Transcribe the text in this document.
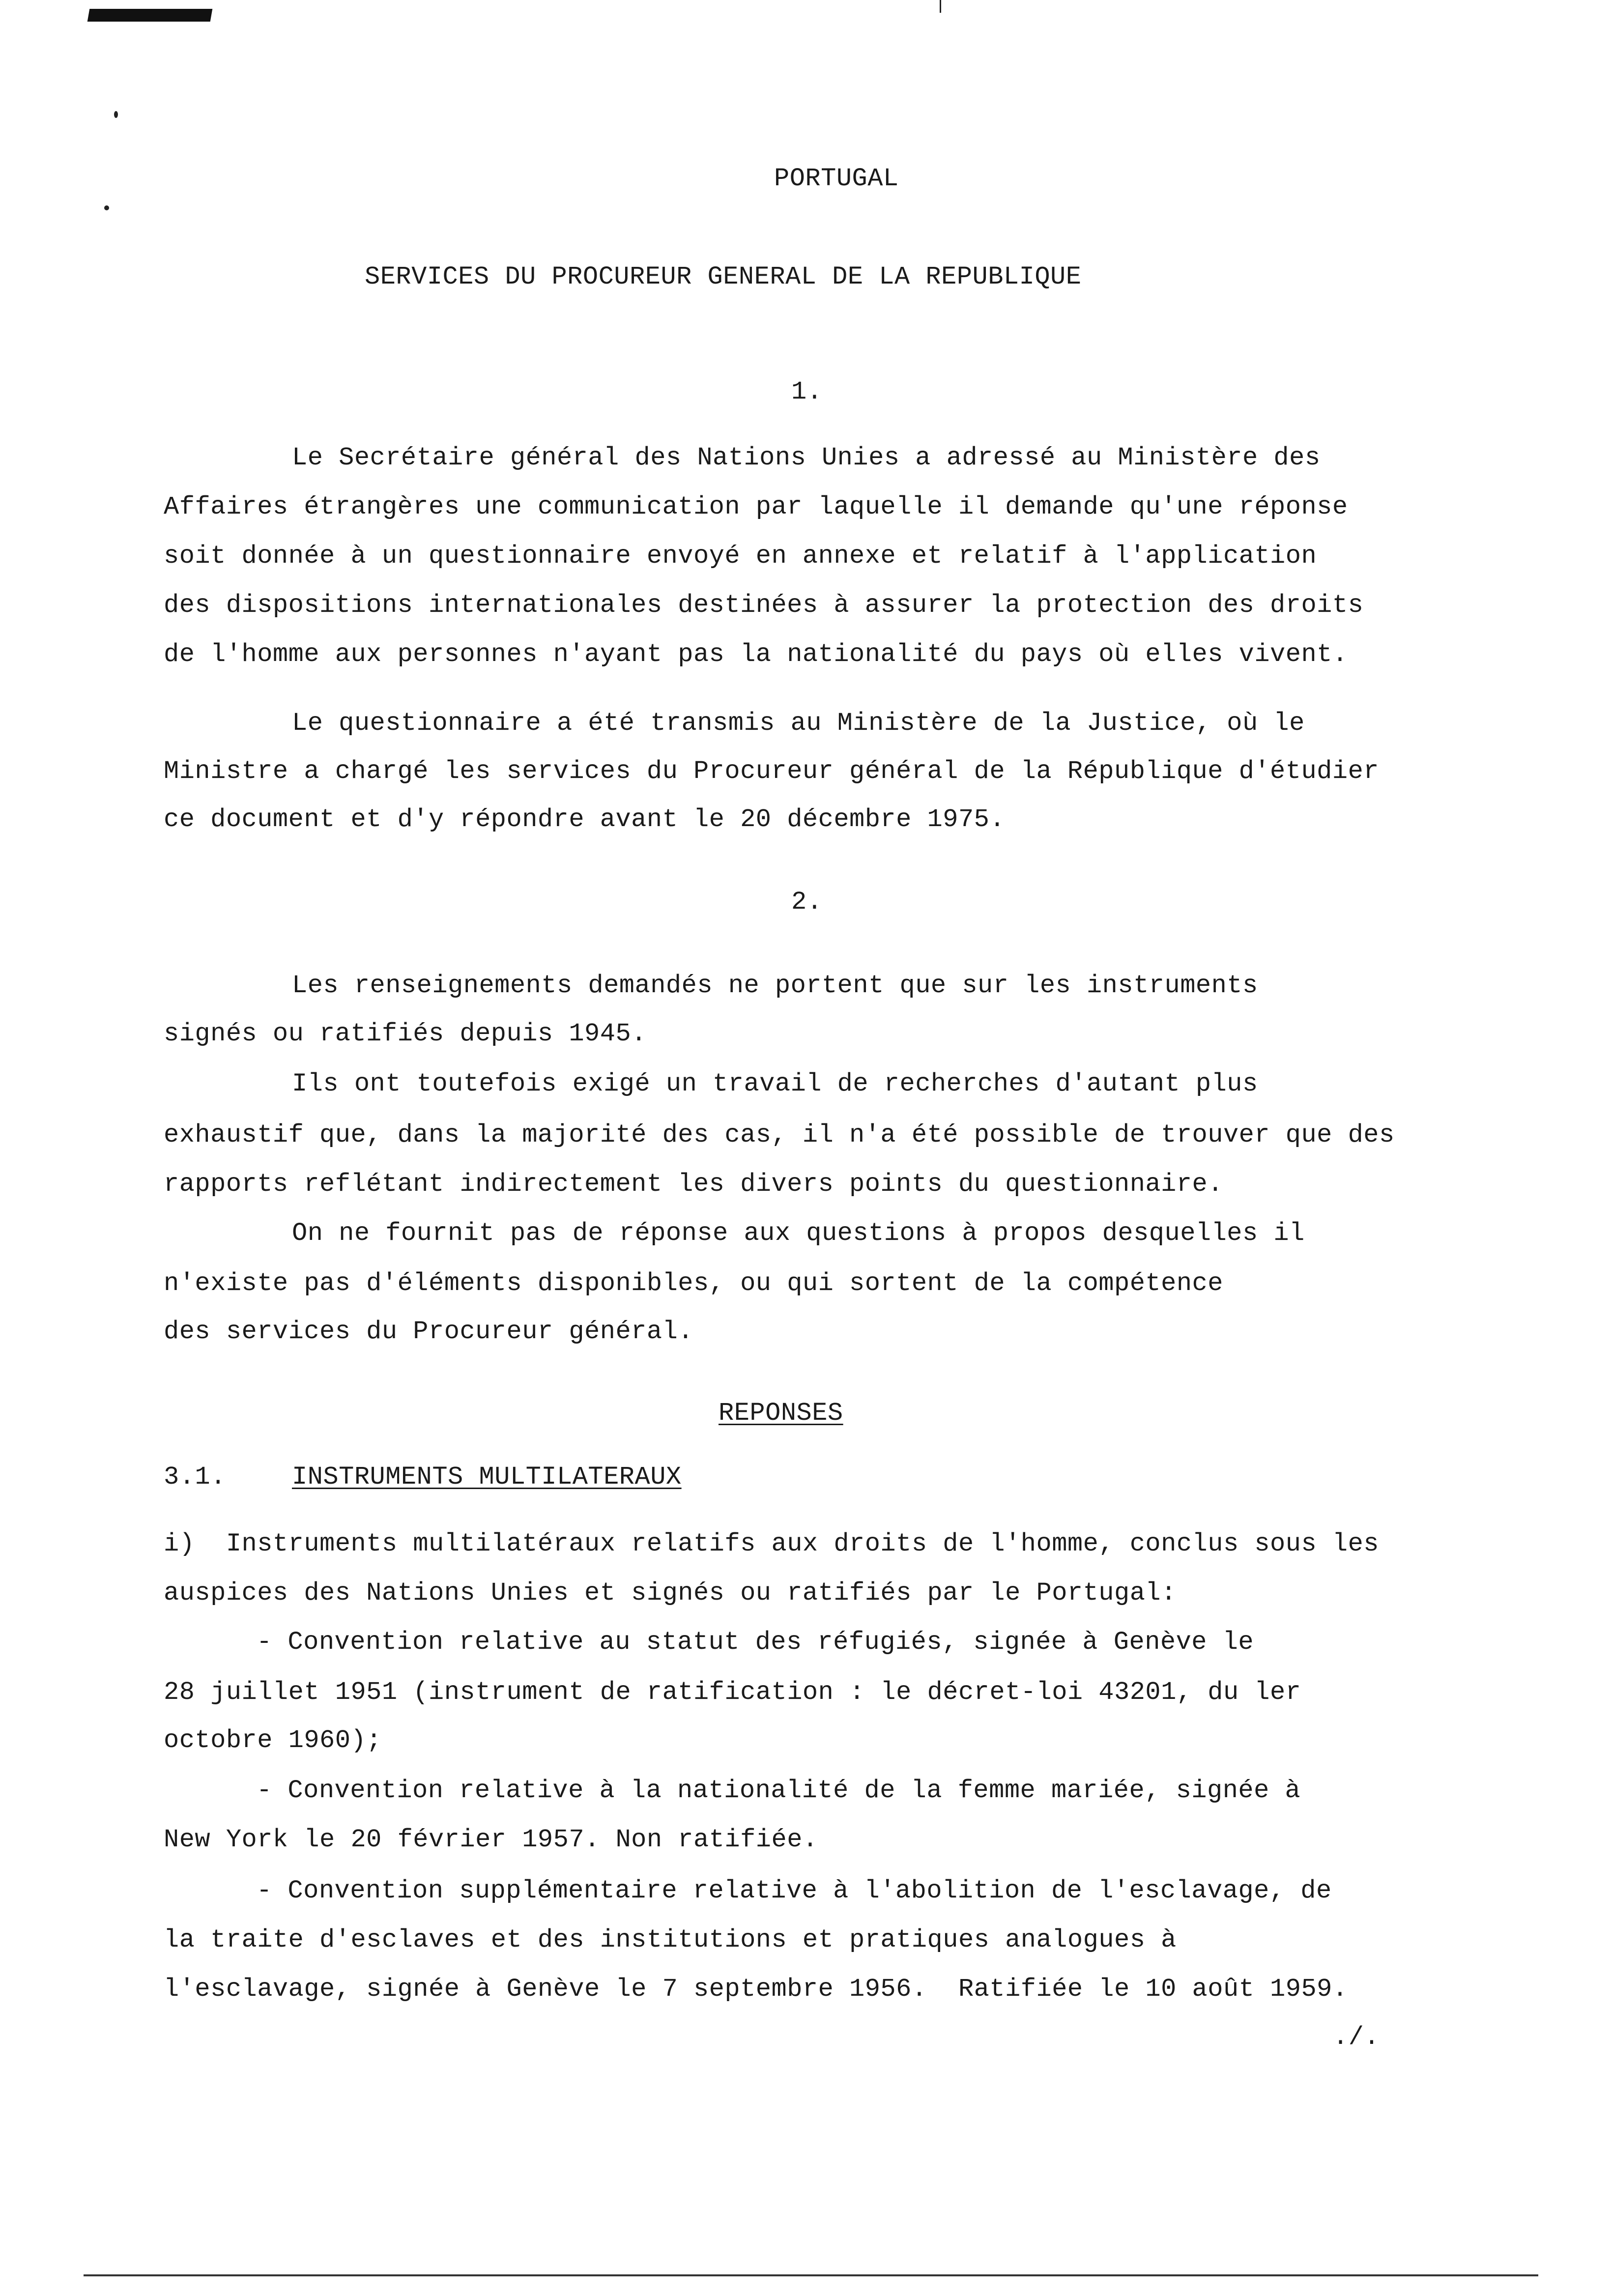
PORTUGAL
SERVICES DU PROCUREUR GENERAL DE LA REPUBLIQUE
1.
Le Secrétaire général des Nations Unies a adressé au Ministère des
Affaires étrangères une communication par laquelle il demande qu'une réponse
soit donnée à un questionnaire envoyé en annexe et relatif à l'application
des dispositions internationales destinées à assurer la protection des droits
de l'homme aux personnes n'ayant pas la nationalité du pays où elles vivent.
Le questionnaire a été transmis au Ministère de la Justice, où le
Ministre a chargé les services du Procureur général de la République d'étudier
ce document et d'y répondre avant le 20 décembre 1975.
2.
Les renseignements demandés ne portent que sur les instruments
signés ou ratifiés depuis 1945.
Ils ont toutefois exigé un travail de recherches d'autant plus
exhaustif que, dans la majorité des cas, il n'a été possible de trouver que des
rapports reflétant indirectement les divers points du questionnaire.
On ne fournit pas de réponse aux questions à propos desquelles il
n'existe pas d'éléments disponibles, ou qui sortent de la compétence
des services du Procureur général.
REPONSES
3.1.	INSTRUMENTS MULTILATERAUX
i)  Instruments multilatéraux relatifs aux droits de l'homme, conclus sous les
auspices des Nations Unies et signés ou ratifiés par le Portugal:
- Convention relative au statut des réfugiés, signée à Genève le
28 juillet 1951 (instrument de ratification : le décret-loi 43201, du ler
octobre 1960);
- Convention relative à la nationalité de la femme mariée, signée à
New York le 20 février 1957. Non ratifiée.
- Convention supplémentaire relative à l'abolition de l'esclavage, de
la traite d'esclaves et des institutions et pratiques analogues à
l'esclavage, signée à Genève le 7 septembre 1956.  Ratifiée le 10 août 1959.
./.
